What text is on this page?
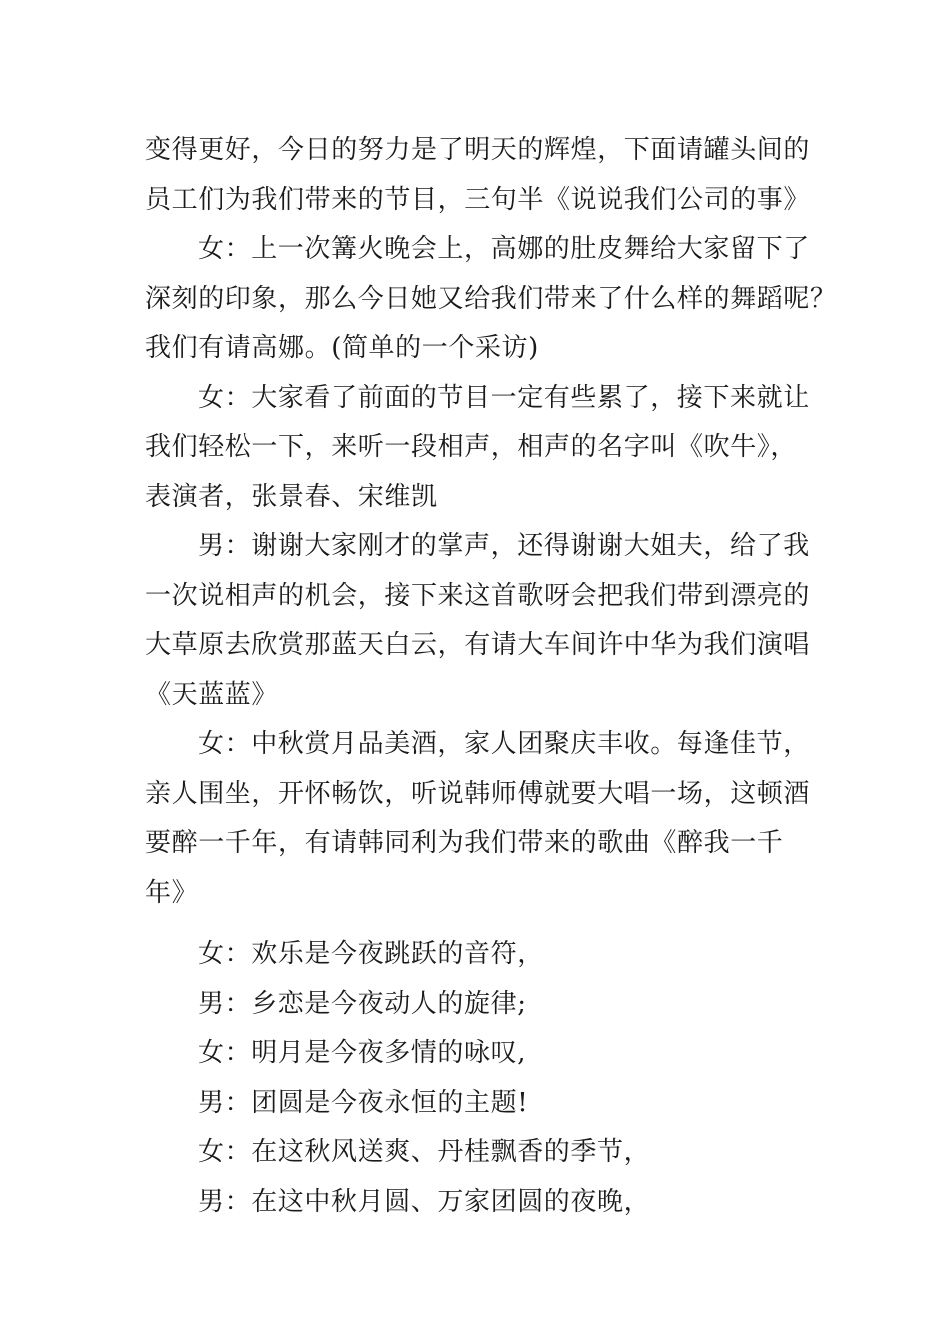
变得更好，今日的努力是了明天的辉煌，下面请罐头间的
员工们为我们带来的节目，三句半《说说我们公司的事》

女：上一次篝火晚会上，高娜的肚皮舞给大家留下了
深刻的印象，那么今日她又给我们带来了什么样的舞蹈呢？
我们有请高娜。(简单的一个采访)

女：大家看了前面的节目一定有些累了，接下来就让
我们轻松一下，来听一段相声，相声的名字叫《吹牛》，
表演者，张景春、宋维凯

男：谢谢大家刚才的掌声，还得谢谢大姐夫，给了我
一次说相声的机会，接下来这首歌呀会把我们带到漂亮的
大草原去欣赏那蓝天白云，有请大车间许中华为我们演唱
《天蓝蓝》

女：中秋赏月品美酒，家人团聚庆丰收。每逢佳节，
亲人围坐，开怀畅饮，听说韩师傅就要大唱一场，这顿酒
要醉一千年，有请韩同利为我们带来的歌曲《醉我一千
年》

女：欢乐是今夜跳跃的音符，

男：乡恋是今夜动人的旋律;

女：明月是今夜多情的咏叹,

男：团圆是今夜永恒的主题!

女：在这秋风送爽、丹桂飘香的季节，

男：在这中秋月圆、万家团圆的夜晚，
